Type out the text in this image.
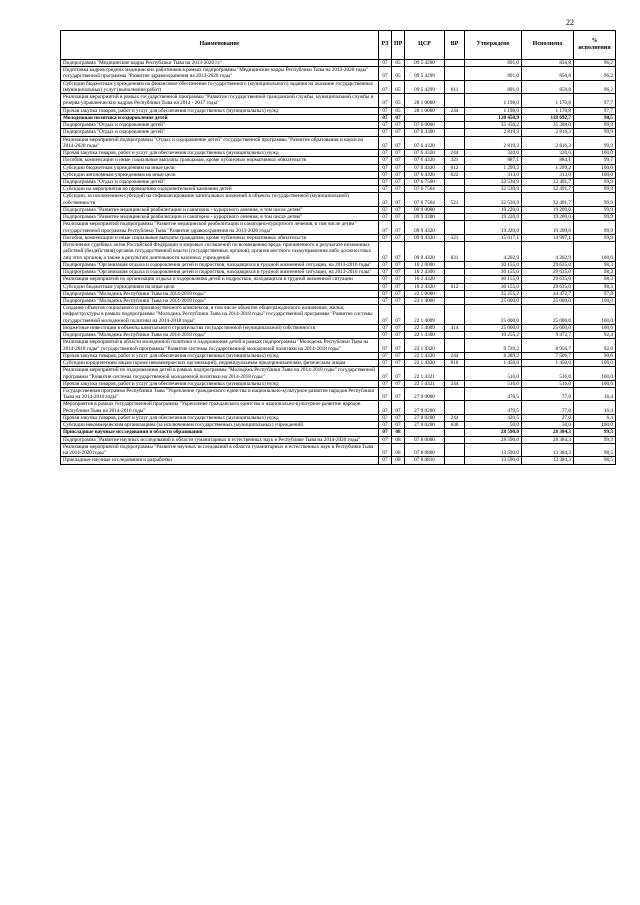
22
Наименование	РЗ	ПР	ЦСР	ВР	Утверждено	Исполнено	% исполнения
Подпрограмма "Медицинские кадры Республики Тыва на 2013-2020 гг."	07	05	09 5 4200		891,0	856,8	96,2
Подготовка кадров средних медицинских работников в рамках подпрограммы "Медицинские кадры Республики Тыва на 2013-2020 годы" государственной программы "Развитие здравоохранения на 2013-2020 годы"	07	05	09 5 4299		891,0	856,8	96,2
Субсидии бюджетным учреждениям на финансовое обеспечение государственного (муниципального) задания на оказание государственных (муниципальных) услуг (выполнение работ)	07	05	09 5 4299	611	891,0	856,8	96,2
Реализация мероприятий в рамках государственной программы "Развитие государственной гражданской службы, муниципальной службы и резерва управленческих кадров Республики Тыва на 2014 - 2017 годы"	07	05	28 1 0000		1 198,0	1 170,8	97,7
Прочая закупка товаров, работ и услуг для обеспечения государственных (муниципальных) нужд	07	05	28 1 0000	244	1 198,0	1 170,8	97,7
Молодежная политика и оздоровление детей	07	07			120 450,9	118 692,7	98,5
Подпрограмма "Отдых и оздоровление детей"	07	07	07 6 0000		35 350,2	35 308,0	99,9
Подпрограмма "Отдых и оздоровление детей"	07	07	07 6 4300		2 819,3	2 816,3	99,9
Реализация мероприятий подпрограммы "Отдых и оздоровление детей" государственной программы "Развитие образования и науки на 2014-2020 годы"	07	07	07 6 4320		2 819,3	2 816,3	99,9
Прочая закупка товаров, работ и услуг для обеспечения государственных (муниципальных) нужд	07	07	07 6 4320	244	320,0	320,0	100,0
Пособия, компенсации и иные социальные выплаты гражданам, кроме публичных нормативных обязательств	07	07	07 6 4320	321	887,1	884,1	99,7
Субсидии бюджетным учреждениям на иные цели	07	07	07 6 4320	612	1 299,2	1 299,2	100,0
Субсидии автономным учреждениям на иные цели	07	07	07 6 4320	622	313,0	313,0	100,0
Подпрограмма "Отдых и оздоровление детей"	07	07	07 6 7500		32 530,9	32 491,7	99,9
Субсидии на мероприятия по проведению оздоровительной кампании детей	07	07	07 6 7504		32 530,9	32 491,7	99,9
Субсидии, за исключением субсидий на софинансирование капитальных вложений в объекты государственной (муниципальной) собственности	07	07	07 6 7504	521	32 530,9	32 491,7	99,9
Подпрограмма "Развитие медицинской реабилитации и санаторно - курортного лечения, в том числе детям"	07	07	09 9 0000		19 220,0	19 200,0	99,9
Подпрограмма "Развитие медицинской реабилитации и санаторно - курортного лечения, в том числе детям"	07	07	09 9 4300		19 220,0	19 200,0	99,9
Реализация мероприятий подпрограммы "Развитие медицинской реабилитации и санаторно-курортного лечения, в том числе детям" государственной программы Республики Тыва "Развитие здравоохранения на 2013-2020 годы"	07	07	09 9 4320		19 220,0	19 200,0	99,9
Пособия, компенсации и иные социальные выплаты гражданам, кроме публичных нормативных обязательств	07	07	09 9 4320	321	15 017,1	14 997,1	99,9
Исполнение судебных актов Российской Федерации и мировых соглашений по возмещению вреда, причиненного в результате незаконных действий (бездействия) органов государственной власти (государственных органов), органов местного самоуправления либо должностных лиц этих органов, а также в результате деятельности казенных учреждений	07	07	09 9 4320	831	4 202,9	4 202,9	100,0
Подпрограмма "Организация отдыха и оздоровления детей и подростков, находящихся в трудной жизненной ситуации, на 2013-2016 годы"	07	07	10 2 0000		30 155,0	29 635,0	98,3
Подпрограмма "Организация отдыха и оздоровления детей и подростков, находящихся в трудной жизненной ситуации, на 2013-2016 годы"	07	07	10 2 4300		30 155,0	29 635,0	98,3
Реализация мероприятий по организации отдыха и оздоровления детей и подростков, находящихся в трудной жизненной ситуации	07	07	10 2 4320		30 155,0	29 635,0	98,3
Субсидии бюджетным учреждениям на иные цели	07	07	10 2 4320	612	30 155,0	29 635,0	98,3
Подпрограмма "Молодежь Республики Тыва на 2014-2018 годы"	07	07	22 1 0000		35 255,2	34 472,7	97,8
Подпрограмма "Молодежь Республики Тыва на 2014-2018 годы"	07	07	22 1 4000		25 000,0	25 000,0	100,0
Создание объектов социального и производственного комплексов, в том числе объектов общегражданского назначения, жилья, инфраструктуры в рамках подпрограммы "Молодежь Республики Тыва на 2014-2018 годы" государственной программы "Развитие системы государственной молодежной политики на 2014-2018 годы"	07	07	22 1 4009		25 000,0	25 000,0	100,0
Бюджетные инвестиции в объекты капитального строительства государственной (муниципальной) собственности	07	07	22 1 4009	414	25 000,0	25 000,0	100,0
Подпрограмма "Молодежь Республики Тыва на 2014-2018 годы"	07	07	22 1 4300		10 255,2	9 472,7	92,4
Реализация мероприятий в области молодежной политики и оздоровления детей в рамках подпрограммы "Молодежь Республики Тыва на 2014-2018 годы" государственной программы "Развитие системы государственной молодежной политики на 2014-2018 годы"	07	07	22 1 4320		9 739,2	8 956,7	92,0
Прочая закупка товаров, работ и услуг для обеспечения государственных (муниципальных) нужд	07	07	22 1 4320	244	8 289,2	7 506,7	90,6
Субсидии юридическим лицам (кроме некоммерческих организаций), индивидуальным предпринимателям, физическим лицам	07	07	22 1 4320	810	1 450,0	1 450,0	100,0
Реализация мероприятий по оздоровлению детей в рамках подпрограммы "Молодежь Республики Тыва на 2014-2018 годы" государственной программы "Развитие системы государственной молодежной политики на 2014-2018 годы"	07	07	22 1 4321		516,0	516,0	100,0
Прочая закупка товаров, работ и услуг для обеспечения государственных (муниципальных) нужд	07	07	22 1 4321	244	516,0	516,0	100,0
Государственная программа Республики Тыва "Укрепление гражданского единства и национально-культурное развитие народов Республики Тыва на 2014-2016 годы"	07	07	27 0 0000		470,5	77,0	16,4
Мероприятия в рамках государственной программы "Укрепление гражданского единства и национально-культурное развитие народов Республики Тыва на 2014-2016 годы"	07	07	27 0 0200		470,5	77,0	16,4
Прочая закупка товаров, работ и услуг для обеспечения государственных (муниципальных) нужд	07	07	27 0 0200	244	420,5	27,0	6,4
Субсидии некоммерческим организациям (за исключением государственных (муниципальных) учреждений)	07	07	27 0 0200	630	50,0	50,0	100,0
Прикладные научные исследования в области образования	07	08			28 590,0	28 384,3	99,3
Подпрограмма "Развитие научных исследований в области гуманитарных и естественных наук в Республике Тыва на 2014-2020 годы"	07	08	07 8 0000		28 590,0	28 384,3	99,3
Реализация мероприятий подпрограммы "Развитие научных исследований в области гуманитарных и естественных наук в Республике Тыва на 2014-2020 годы"	07	08	07 8 0800		13 590,0	13 384,3	98,5
Прикладные научные исследования и разработки	07	08	07 8 0810		13 590,0	13 384,3	98,5
